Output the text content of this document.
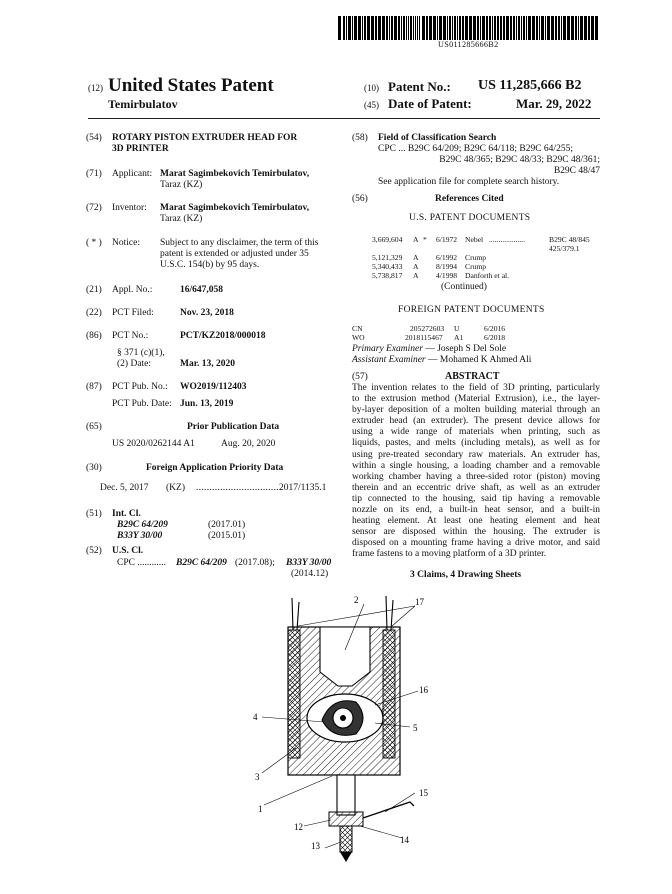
US011285666B2
(12) United States Patent
Temirbulatov
(10) Patent No.: US 11,285,666 B2
(45) Date of Patent:	Mar. 29, 2022
(54) ROTARY PISTON EXTRUDER HEAD FOR
3D PRINTER
(71) Applicant: Marat Sagimbekovich Temirbulatov,
Taraz (KZ)
(72) Inventor: Marat Sagimbekovich Temirbulatov,
Taraz (KZ)
( * ) Notice: Subject to any disclaimer, the term of this
patent is extended or adjusted under 35
U.S.C. 154(b) by 95 days.
(21) Appl. No.:	16/647,058
(22) PCT Filed:	Nov. 23, 2018
(86) PCT No.:	PCT/KZ2018/000018
§ 371 (c)(1),
(2) Date:	Mar. 13, 2020
(87) PCT Pub. No.: WO2019/112403
PCT Pub. Date: Jun. 13, 2019
(65)	Prior Publication Data
US 2020/0262144 A1	Aug. 20, 2020
(30)	Foreign Application Priority Data
Dec. 5, 2017 (KZ) ................................
2017/1135.1
(51) Int. Cl.
B29C 64/209	(2017.01)
B33Y 30/00	(2015.01)
(52) U.S. Cl.
CPC ............ B29C 64/209 (2017.08); B33Y 30/00
(2014.12)
(58) Field of Classification Search
CPC ... B29C 64/209; B29C 64/118; B29C 64/255;
B29C 48/365; B29C 48/33; B29C 48/361;
B29C 48/47
See application file for complete search history.
(56)	References Cited
U.S. PATENT DOCUMENTS
3,669,604 A * 6/1972 Nebel ...................	B29C 48/845
425/379.1
5,121,329 A 6/1992 Crump
5,340,433 A 8/1994 Crump
5,738,817 A 4/1998 Danforth et al.
(Continued)
FOREIGN PATENT DOCUMENTS
CN	205272603 U	6/2016
WO	2018115467 A1	6/2018
Primary Examiner — Joseph S Del Sole
Assistant Examiner — Mohamed K Ahmed Ali
(57)	ABSTRACT
The invention relates to the field of 3D printing, particularly
to the extrusion method (Material Extrusion), i.e., the layer-
by-layer deposition of a molten building material through an
extruder head (an extruder). The present device allows for
using a wide range of materials when printing, such as
liquids, pastes, and melts (including metals), as well as for
using pre-treated secondary raw materials. An extruder has,
within a single housing, a loading chamber and a removable
working chamber having a three-sided rotor (piston) moving
therein and an eccentric drive shaft, as well as an extruder
tip connected to the housing, said tip having a removable
nozzle on its end, a built-in heat sensor, and a built-in
heating element. At least one heating element and heat
sensor are disposed within the housing. The extruder is
disposed on a mounting frame having a drive motor, and said
frame fastens to a moving platform of a 3D printer.
3 Claims, 4 Drawing Sheets
2	17
4
5
16
3
1
15
12
14
13
